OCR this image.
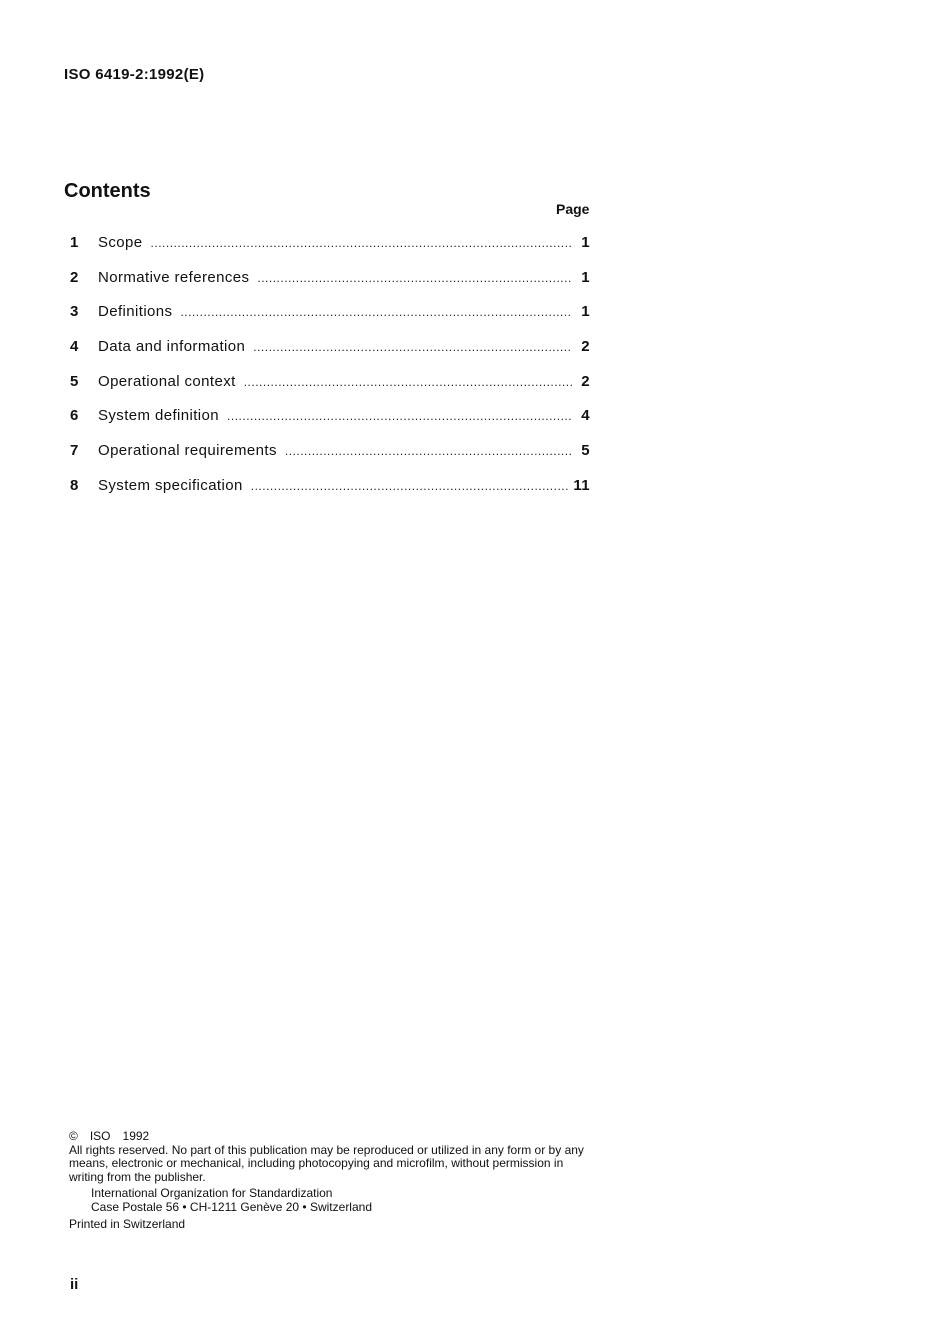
ISO 6419-2:1992(E)
Contents
Page
1	Scope .....	1
2	Normative references .....	1
3	Definitions .....	1
4	Data and information .....	2
5	Operational context .....	2
6	System definition .....	4
7	Operational requirements .....	5
8	System specification .....	11
© ISO 1992

All rights reserved. No part of this publication may be reproduced or utilized in any form or by any means, electronic or mechanical, including photocopying and microfilm, without permission in writing from the publisher.

International Organization for Standardization
Case Postale 56 • CH-1211 Genève 20 • Switzerland
Printed in Switzerland
ii
